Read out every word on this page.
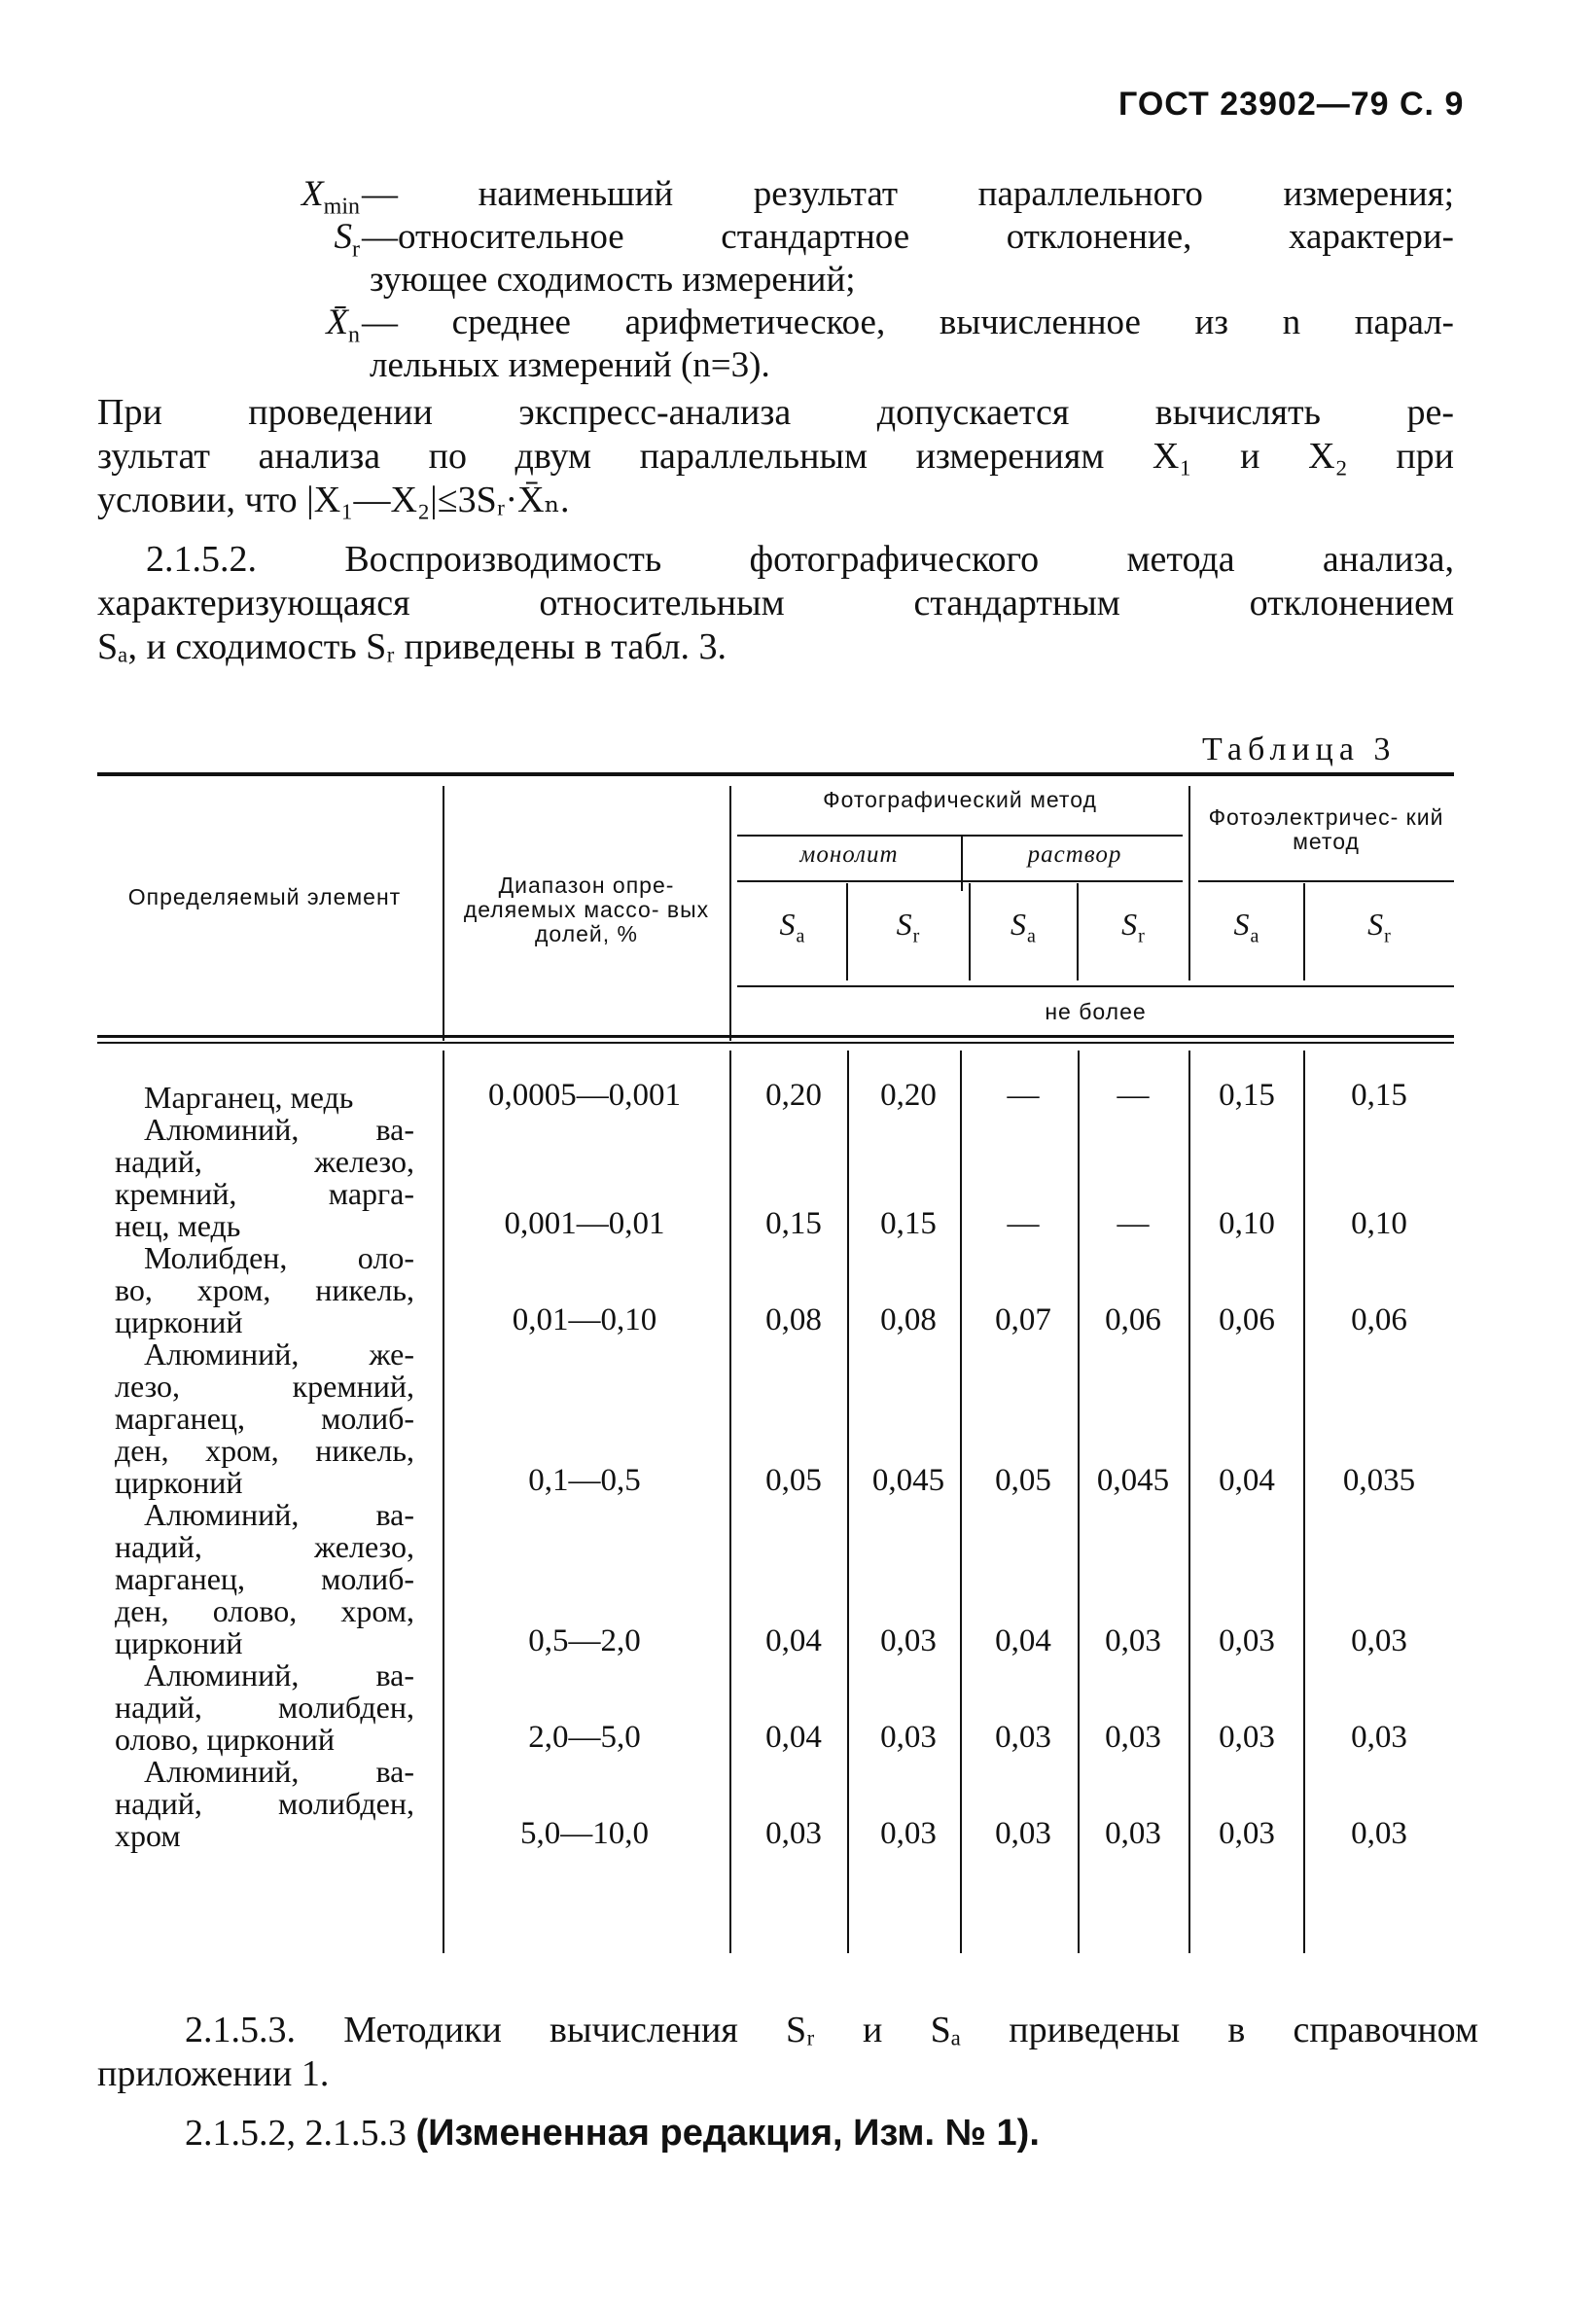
ГОСТ 23902—79 С. 9
$X_{min}$ — наименьший результат параллельного измерения;
$S_r$ —относительное стандартное отклонение, характери-
зующее сходимость измерений;
$X̄_n$ — среднее арифметическое, вычисленное из n парал-
лельных измерений (n=3).
При проведении экспресс-анализа допускается вычислять ре-
зультат анализа по двум параллельным измерениям X₁ и X₂ при
условии, что |X₁—X₂|≤3Sᵣ·X̄ₙ.
2.1.5.2. Воспроизводимость фотографического метода анализа,
характеризующаяся относительным стандартным отклонением
Sₐ, и сходимость Sᵣ приведены в табл. 3.
Таблица 3
Определяемый элемент	Диапазон опре- деляемых массо- вых долей, %
Фотографический метод
монолит	раствор
Фотоэлектричес- кий метод
$S_a$	$S_r$	$S_a$	$S_r$	$S_a$	$S_r$
не более
Марганец, медь	0,0005—0,001	0,20	0,20	—	—	0,15	0,15
Алюминий, ва-
надий, железо,
кремний, марга-
нец, медь	0,001—0,01	0,15	0,15	—	—	0,10	0,10
Молибден, оло-
во, хром, никель,
цирконий	0,01—0,10	0,08	0,08	0,07	0,06	0,06	0,06
Алюминий, же-
лезо, кремний,
марганец, молиб-
ден, хром, никель,
цирконий	0,1—0,5	0,05	0,045	0,05	0,045	0,04	0,035
Алюминий, ва-
надий, железо,
марганец, молиб-
ден, олово, хром,
цирконий	0,5—2,0	0,04	0,03	0,04	0,03	0,03	0,03
Алюминий, ва-
надий, молибден,
олово, цирконий	2,0—5,0	0,04	0,03	0,03	0,03	0,03	0,03
Алюминий, ва-
надий, молибден,
хром	5,0—10,0	0,03	0,03	0,03	0,03	0,03	0,03
2.1.5.3. Методики вычисления Sᵣ и Sₐ приведены в справочном
приложении 1.
2.1.5.2, 2.1.5.3 (Измененная редакция, Изм. № 1).
